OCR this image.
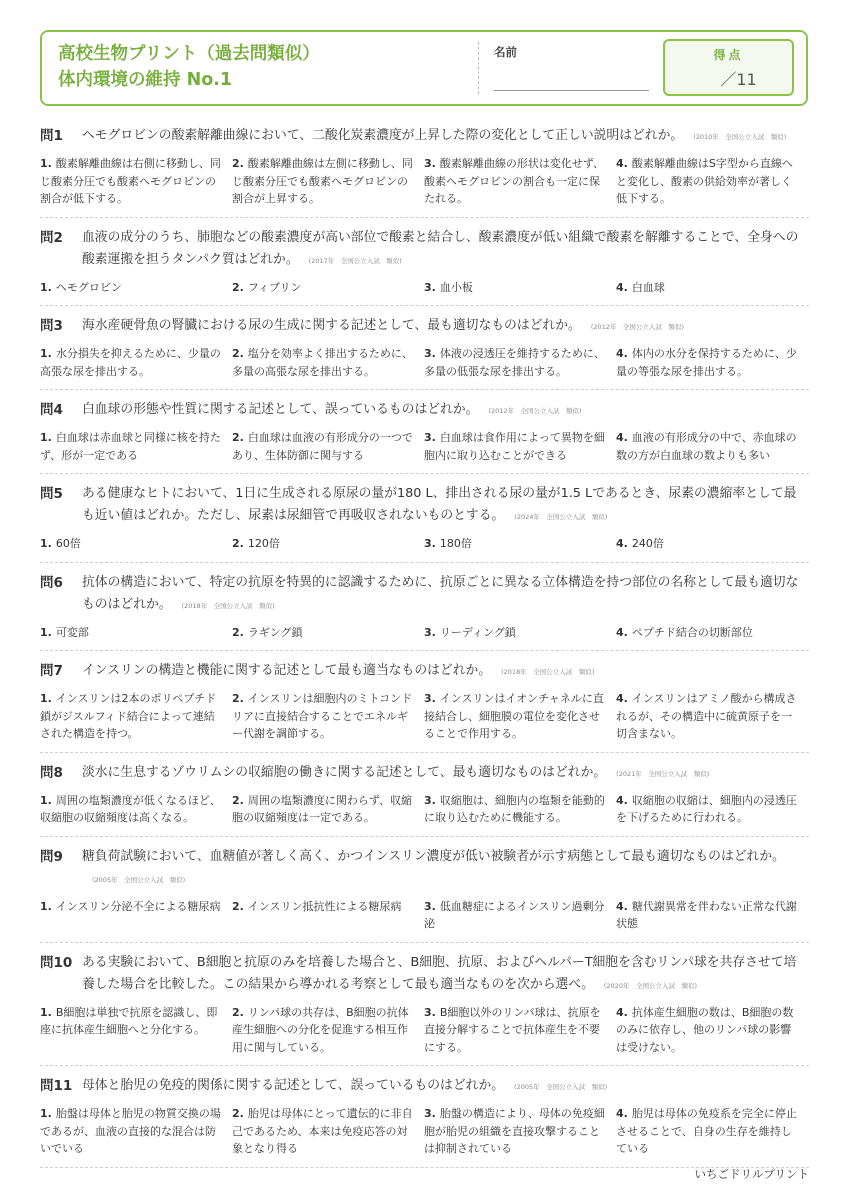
高校生物プリント（過去問類似）
体内環境の維持 No.1
名前	得点
／11
問1	ヘモグロビンの酸素解離曲線において、二酸化炭素濃度が上昇した際の変化として正しい説明はどれか。 (2010年　全国公立入試　類似)
1. 酸素解離曲線は右側に移動し、同じ酸素分圧でも酸素ヘモグロビンの割合が低下する。
2. 酸素解離曲線は左側に移動し、同じ酸素分圧でも酸素ヘモグロビンの割合が上昇する。
3. 酸素解離曲線の形状は変化せず、酸素ヘモグロビンの割合も一定に保たれる。
4. 酸素解離曲線はS字型から直線へと変化し、酸素の供給効率が著しく低下する。
問2	血液の成分のうち、肺胞などの酸素濃度が高い部位で酸素と結合し、酸素濃度が低い組織で酸素を解離することで、全身への酸素運搬を担うタンパク質はどれか。 (2017年　全国公立入試　類似)
1. ヘモグロビン	2. フィブリン	3. 血小板	4. 白血球
問3	海水産硬骨魚の腎臓における尿の生成に関する記述として、最も適切なものはどれか。 (2012年　全国公立入試　類似)
1. 水分損失を抑えるために、少量の高張な尿を排出する。
2. 塩分を効率よく排出するために、多量の高張な尿を排出する。
3. 体液の浸透圧を維持するために、多量の低張な尿を排出する。
4. 体内の水分を保持するために、少量の等張な尿を排出する。
問4	白血球の形態や性質に関する記述として、誤っているものはどれか。 (2012年　全国公立入試　類似)
1. 白血球は赤血球と同様に核を持たず、形が一定である
2. 白血球は血液の有形成分の一つであり、生体防御に関与する
3. 白血球は食作用によって異物を細胞内に取り込むことができる
4. 血液の有形成分の中で、赤血球の数の方が白血球の数よりも多い
問5	ある健康なヒトにおいて、1日に生成される原尿の量が180 L、排出される尿の量が1.5 Lであるとき、尿素の濃縮率として最も近い値はどれか。ただし、尿素は尿細管で再吸収されないものとする。 (2024年　全国公立入試　類似)
1. 60倍	2. 120倍	3. 180倍	4. 240倍
問6	抗体の構造において、特定の抗原を特異的に認識するために、抗原ごとに異なる立体構造を持つ部位の名称として最も適切なものはどれか。 (2018年　全国公立入試　類似)
1. 可変部	2. ラギング鎖	3. リーディング鎖	4. ペプチド結合の切断部位
問7	インスリンの構造と機能に関する記述として最も適当なものはどれか。 (2018年　全国公立入試　類似)
1. インスリンは2本のポリペプチド鎖がジスルフィド結合によって連結された構造を持つ。
2. インスリンは細胞内のミトコンドリアに直接結合することでエネルギー代謝を調節する。
3. インスリンはイオンチャネルに直接結合し、細胞膜の電位を変化させることで作用する。
4. インスリンはアミノ酸から構成されるが、その構造中に硫黄原子を一切含まない。
問8	淡水に生息するゾウリムシの収縮胞の働きに関する記述として、最も適切なものはどれか。 (2021年　全国公立入試　類似)
1. 周囲の塩類濃度が低くなるほど、収縮胞の収縮頻度は高くなる。
2. 周囲の塩類濃度に関わらず、収縮胞の収縮頻度は一定である。
3. 収縮胞は、細胞内の塩類を能動的に取り込むために機能する。
4. 収縮胞の収縮は、細胞内の浸透圧を下げるために行われる。
問9	糖負荷試験において、血糖値が著しく高く、かつインスリン濃度が低い被験者が示す病態として最も適切なものはどれか。(2005年　全国公立入試　類似)
1. インスリン分泌不全による糖尿病	2. インスリン抵抗性による糖尿病	3. 低血糖症によるインスリン過剰分泌
4. 糖代謝異常を伴わない正常な代謝状態
問10 ある実験において、B細胞と抗原のみを培養した場合と、B細胞、抗原、およびヘルパーT細胞を含むリンパ球を共存させて培養した場合を比較した。この結果から導かれる考察として最も適当なものを次から選べ。 (2020年　全国公立入試　類似)
1. B細胞は単独で抗原を認識し、即座に抗体産生細胞へと分化する。
2. リンパ球の共存は、B細胞の抗体産生細胞への分化を促進する相互作用に関与している。
3. B細胞以外のリンパ球は、抗原を直接分解することで抗体産生を不要にする。
4. 抗体産生細胞の数は、B細胞の数のみに依存し、他のリンパ球の影響は受けない。
問11 母体と胎児の免疫的関係に関する記述として、誤っているものはどれか。 (2005年　全国公立入試　類似)
1. 胎盤は母体と胎児の物質交換の場であるが、血液の直接的な混合は防いでいる
2. 胎児は母体にとって遺伝的に非自己であるため、本来は免疫応答の対象となり得る
3. 胎盤の構造により、母体の免疫細胞が胎児の組織を直接攻撃することは抑制されている
4. 胎児は母体の免疫系を完全に停止させることで、自身の生存を維持している
いちごドリルプリント
